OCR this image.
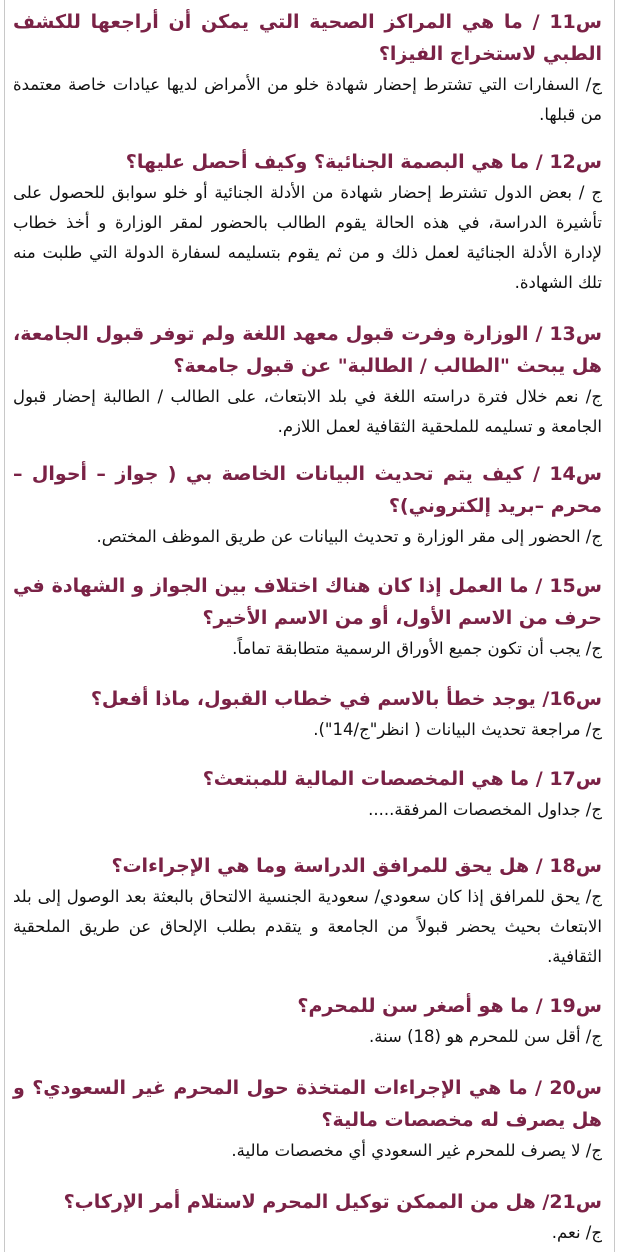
س11 / ما هي المراكز الصحية التي يمكن أن أراجعها للكشف الطبي لاستخراج الفيزا؟

ج/ السفارات التي تشترط إحضار شهادة خلو من الأمراض لديها عيادات خاصة معتمدة من قبلها.

س12 / ما هي البصمة الجنائية؟ وكيف أحصل عليها؟

ج / بعض الدول تشترط إحضار شهادة من الأدلة الجنائية أو خلو سوابق للحصول على تأشيرة الدراسة، في هذه الحالة يقوم الطالب بالحضور لمقر الوزارة و أخذ خطاب لإدارة الأدلة الجنائية لعمل ذلك و من ثم يقوم بتسليمه لسفارة الدولة التي طلبت منه تلك الشهادة.

س13 / الوزارة وفرت قبول معهد اللغة ولم توفر قبول الجامعة، هل يبحث "الطالب / الطالبة" عن قبول جامعة؟

ج/ نعم خلال فترة دراسته اللغة في بلد الابتعاث، على الطالب / الطالبة إحضار قبول الجامعة و تسليمه للملحقية الثقافية لعمل اللازم.

س14 / كيف يتم تحديث البيانات الخاصة بي ( جواز – أحوال – محرم –بريد إلكتروني)؟

ج/ الحضور إلى مقر الوزارة و تحديث البيانات عن طريق الموظف المختص.

س15 / ما العمل إذا كان هناك اختلاف بين الجواز و الشهادة في حرف من الاسم الأول، أو من الاسم الأخير؟

ج/ يجب أن تكون جميع الأوراق الرسمية متطابقة تماماً.

س16/ يوجد خطأ بالاسم في خطاب القبول، ماذا أفعل؟

ج/ مراجعة تحديث البيانات ( انظر"ج/14").

س17 / ما هي المخصصات المالية للمبتعث؟

ج/ جداول المخصصات المرفقة.....

س18 / هل يحق للمرافق الدراسة وما هي الإجراءات؟

ج/ يحق للمرافق إذا كان سعودي/ سعودية الجنسية الالتحاق بالبعثة بعد الوصول إلى بلد الابتعاث بحيث يحضر قبولاً من الجامعة و يتقدم بطلب الإلحاق عن طريق الملحقية الثقافية.

س19 / ما هو أصغر سن للمحرم؟

ج/ أقل سن للمحرم هو (18) سنة.

س20 / ما هي الإجراءات المتخذة حول المحرم غير السعودي؟ و هل يصرف له مخصصات مالية؟

ج/ لا يصرف للمحرم غير السعودي أي مخصصات مالية.

س21/ هل من الممكن توكيل المحرم لاستلام أمر الإركاب؟

ج/ نعم.
